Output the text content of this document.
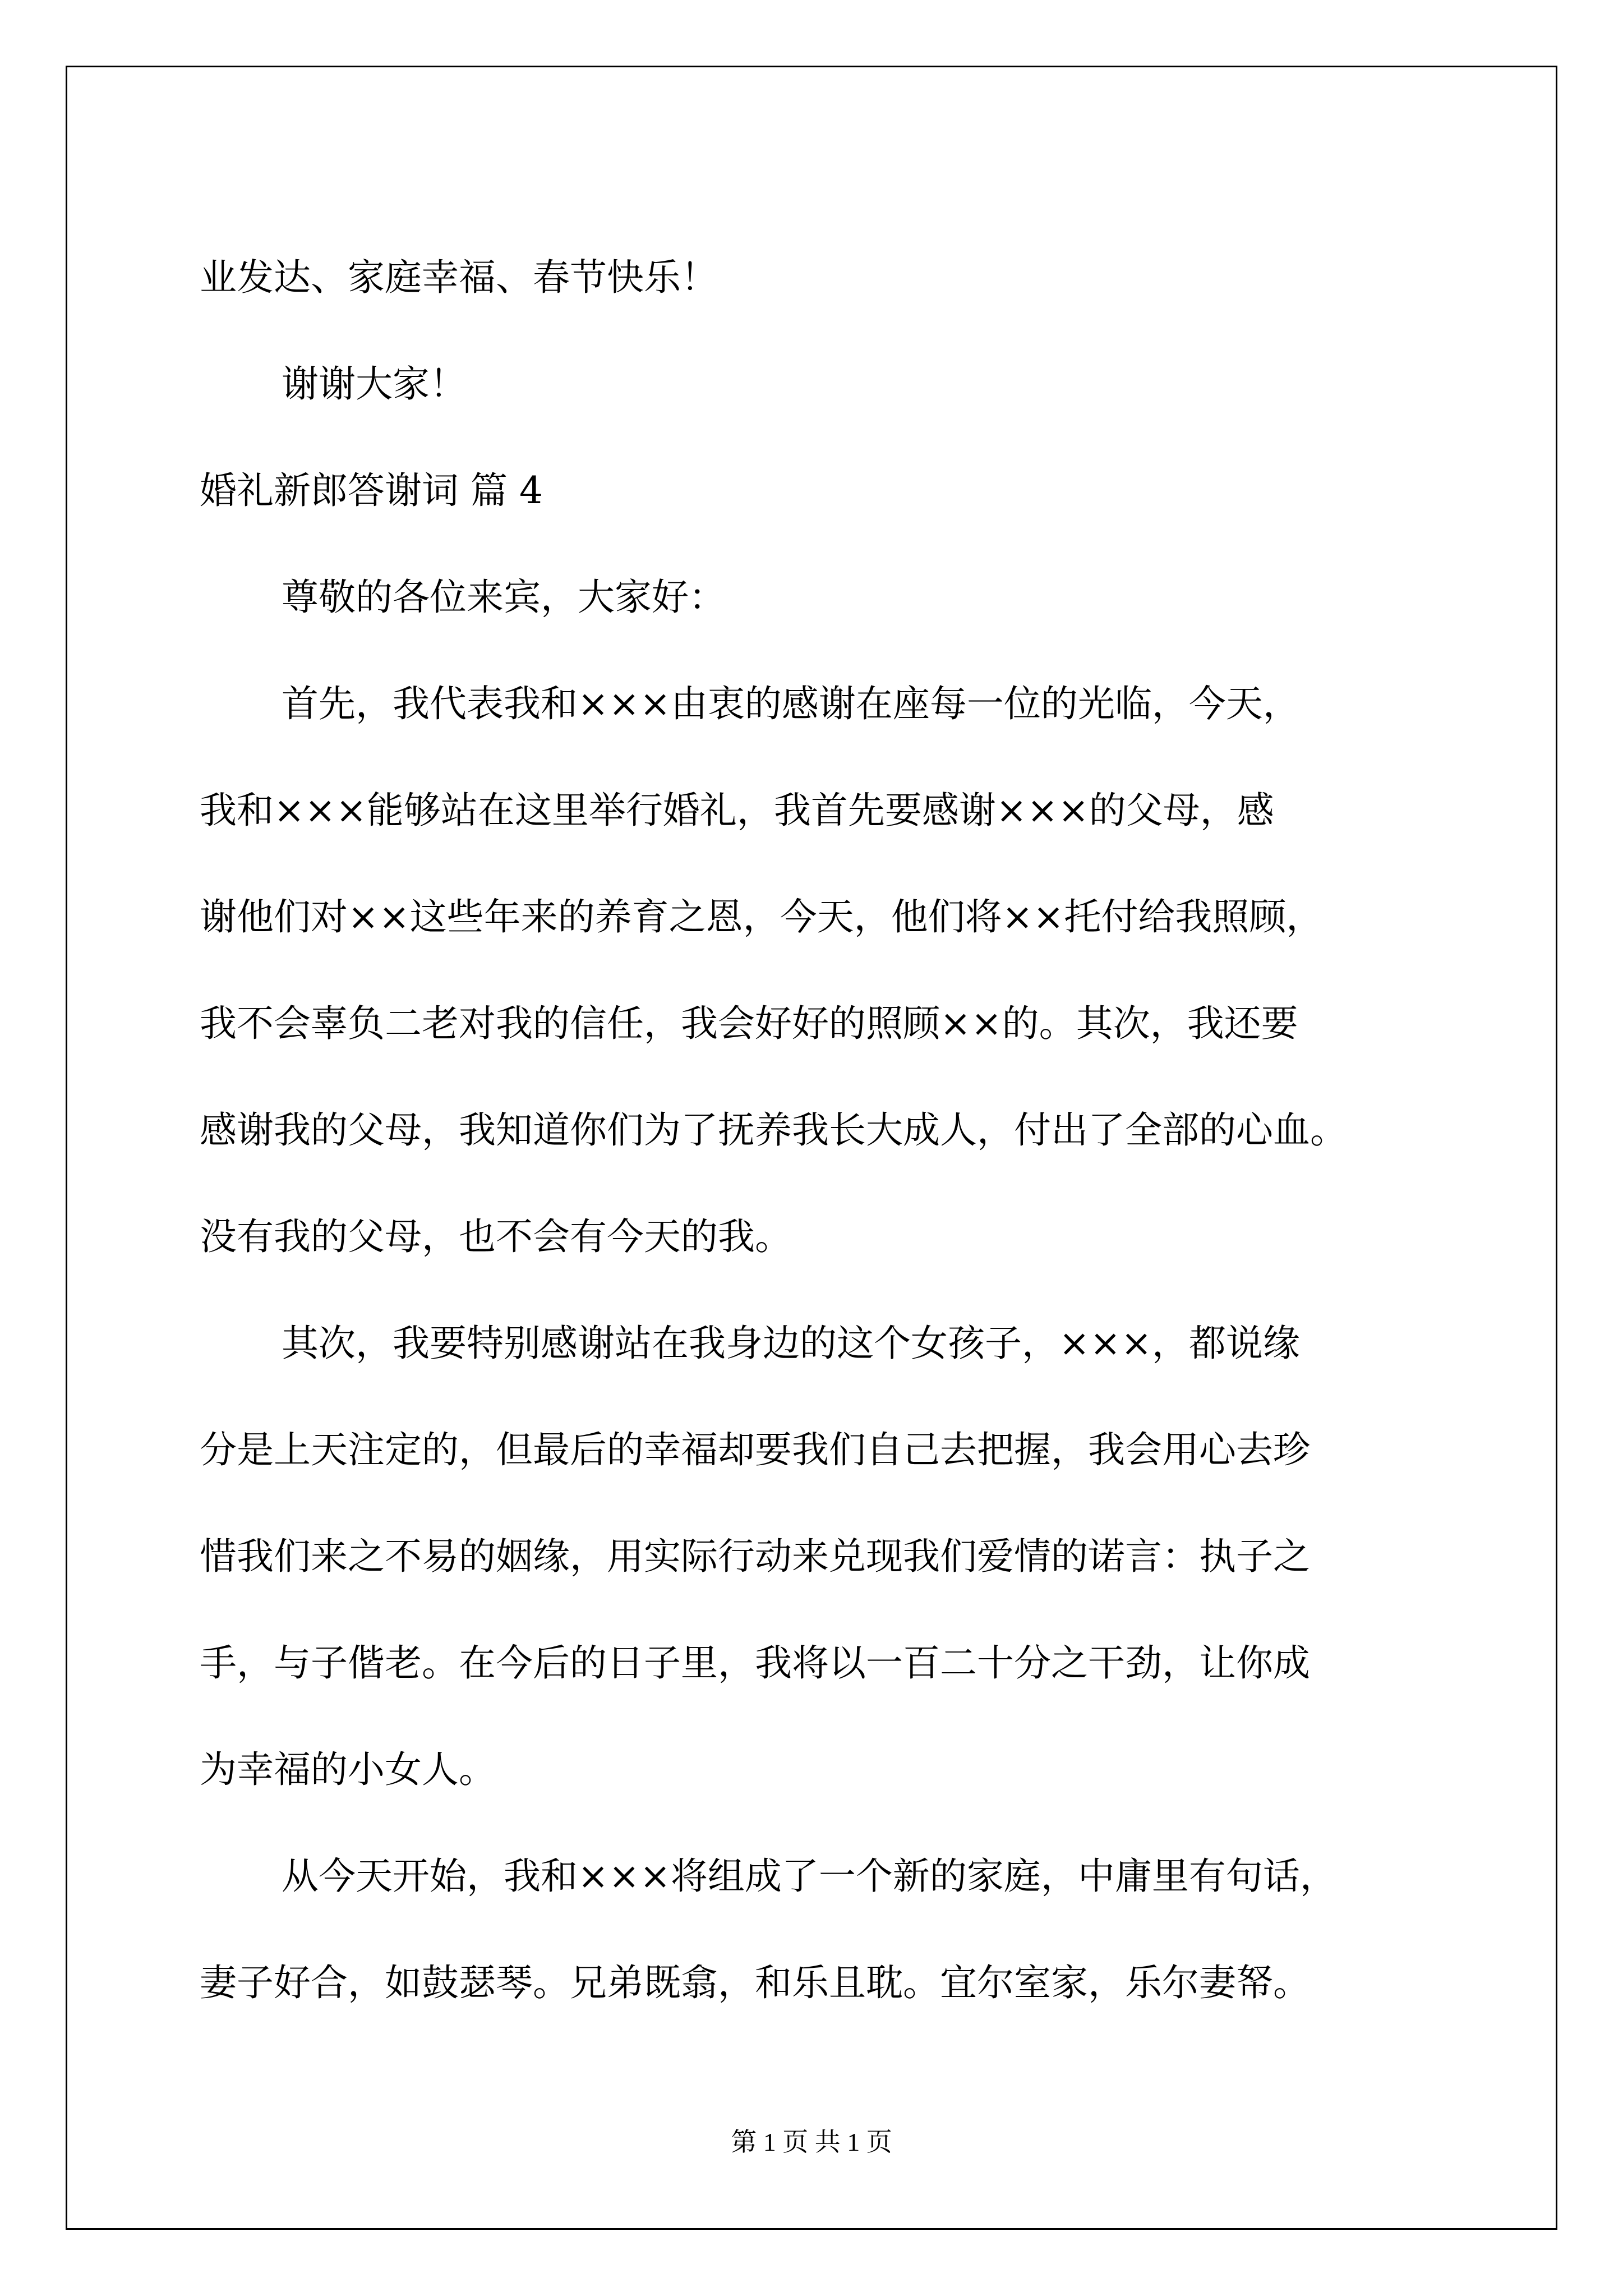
业发达、家庭幸福、春节快乐！
谢谢大家！
婚礼新郎答谢词 篇 4
尊敬的各位来宾，大家好：
首先，我代表我和×××由衷的感谢在座每一位的光临，今天，
我和×××能够站在这里举行婚礼，我首先要感谢×××的父母，感
谢他们对××这些年来的养育之恩，今天，他们将××托付给我照顾，
我不会辜负二老对我的信任，我会好好的照顾××的。其次，我还要
感谢我的父母，我知道你们为了抚养我长大成人，付出了全部的心血。
没有我的父母，也不会有今天的我。
其次，我要特别感谢站在我身边的这个女孩子，×××，都说缘
分是上天注定的，但最后的幸福却要我们自己去把握，我会用心去珍
惜我们来之不易的姻缘，用实际行动来兑现我们爱情的诺言：执子之
手，与子偕老。在今后的日子里，我将以一百二十分之干劲，让你成
为幸福的小女人。
从今天开始，我和×××将组成了一个新的家庭，中庸里有句话，
妻子好合，如鼓瑟琴。兄弟既翕，和乐且耽。宜尔室家，乐尔妻帑。
第 1 页 共 1 页
